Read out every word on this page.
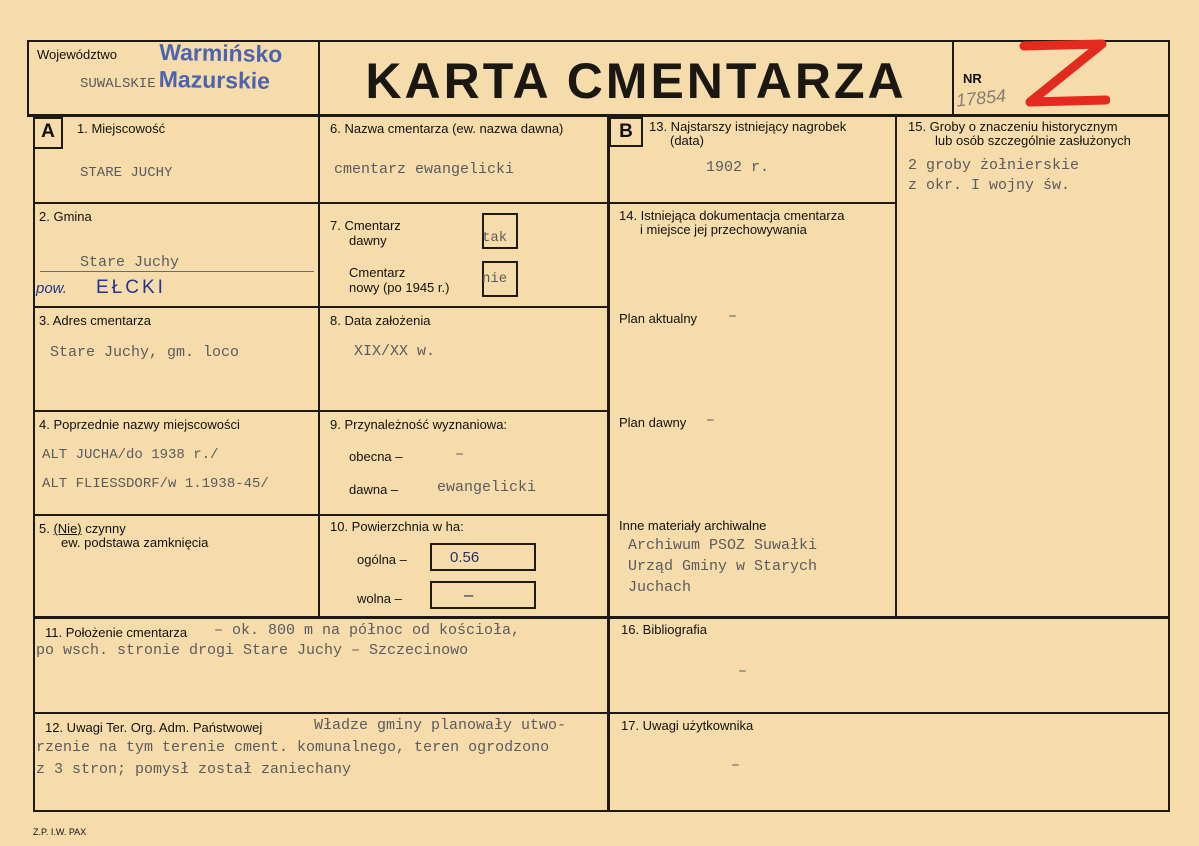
Województwo
SUWALSKIE
Warmińsko
Mazurskie	KARTA CMENTARZA	NR
17854
A	1. Miejscowość
STARE JUCHY
2. Gmina
Stare Juchy
pow. EŁCKI
3. Adres cmentarza
Stare Juchy, gm. loco
4. Poprzednie nazwy miejscowości
ALT JUCHA/do 1938 r./
ALT FLIESSDORF/w 1.1938-45/
5. (Nie) czynny
ew. podstawa zamknięcia
6. Nazwa cmentarza (ew. nazwa dawna)
cmentarz ewangelicki
7. Cmentarz
dawny	tak
Cmentarz
nowy (po 1945 r.)
nie
8. Data założenia
XIX/XX w.
9. Przynależność wyznaniowa:
obecna –	–
dawna –	ewangelicki
10. Powierzchnia w ha:
ogólna –	0.56
wolna –	–
B	13. Najstarszy istniejący nagrobek
(data)
1902 r.
14. Istniejąca dokumentacja cmentarza
i miejsce jej przechowywania
Plan aktualny –
Plan dawny –
Inne materiały archiwalne
Archiwum PSOZ Suwałki
Urząd Gminy w Starych
Juchach
15. Groby o znaczeniu historycznym
lub osób szczególnie zasłużonych
2 groby żołnierskie
z okr. I wojny św.
11. Położenie cmentarza – ok. 800 m na północ od kościoła,
po wsch. stronie drogi Stare Juchy – Szczecinowo
16. Bibliografia
–
12. Uwagi Ter. Org. Adm. Państwowej	Władze gminy planowały utwo-
rzenie na tym terenie cment. komunalnego, teren ogrodzono
z 3 stron; pomysł został zaniechany
17. Uwagi użytkownika
–
Z.P. I.W. PAX
